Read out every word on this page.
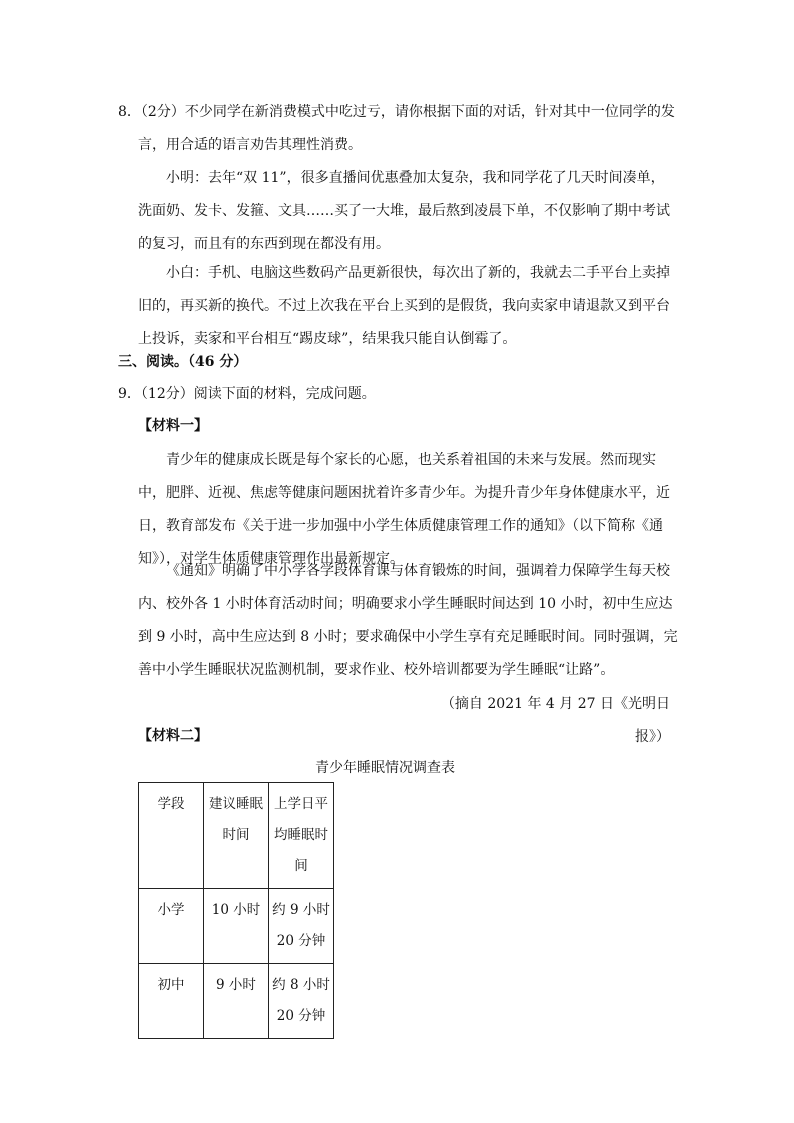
8．（2分）不少同学在新消费模式中吃过亏，请你根据下面的对话，针对其中一位同学的发
言，用合适的语言劝告其理性消费。
小明：去年“双 11”，很多直播间优惠叠加太复杂，我和同学花了几天时间凑单，洗面奶、发卡、发箍、文具……买了一大堆，最后熬到凌晨下单，不仅影响了期中考试的复习，而且有的东西到现在都没有用。
小白：手机、电脑这些数码产品更新很快，每次出了新的，我就去二手平台上卖掉旧的，再买新的换代。不过上次我在平台上买到的是假货，我向卖家申请退款又到平台上投诉，卖家和平台相互“踢皮球”，结果我只能自认倒霉了。
三、阅读。（46 分）
9．（12分）阅读下面的材料，完成问题。
【材料一】
青少年的健康成长既是每个家长的心愿，也关系着祖国的未来与发展。然而现实中，肥胖、近视、焦虑等健康问题困扰着许多青少年。为提升青少年身体健康水平，近日，教育部发布《关于进一步加强中小学生体质健康管理工作的通知》（以下简称《通知》），对学生体质健康管理作出最新规定。
《通知》明确了中小学各学段体育课与体育锻炼的时间，强调着力保障学生每天校内、校外各 1 小时体育活动时间；明确要求小学生睡眠时间达到 10 小时，初中生应达到 9 小时，高中生应达到 8 小时；要求确保中小学生享有充足睡眠时间。同时强调，完善中小学生睡眠状况监测机制，要求作业、校外培训都要为学生睡眠“让路”。
（摘自 2021 年 4 月 27 日《光明日报》）
【材料二】
青少年睡眠情况调查表
学段	建议睡眠时间	上学日平均睡眠时间
小学	10 小时	约 9 小时 20 分钟
初中	9 小时	约 8 小时 20 分钟
